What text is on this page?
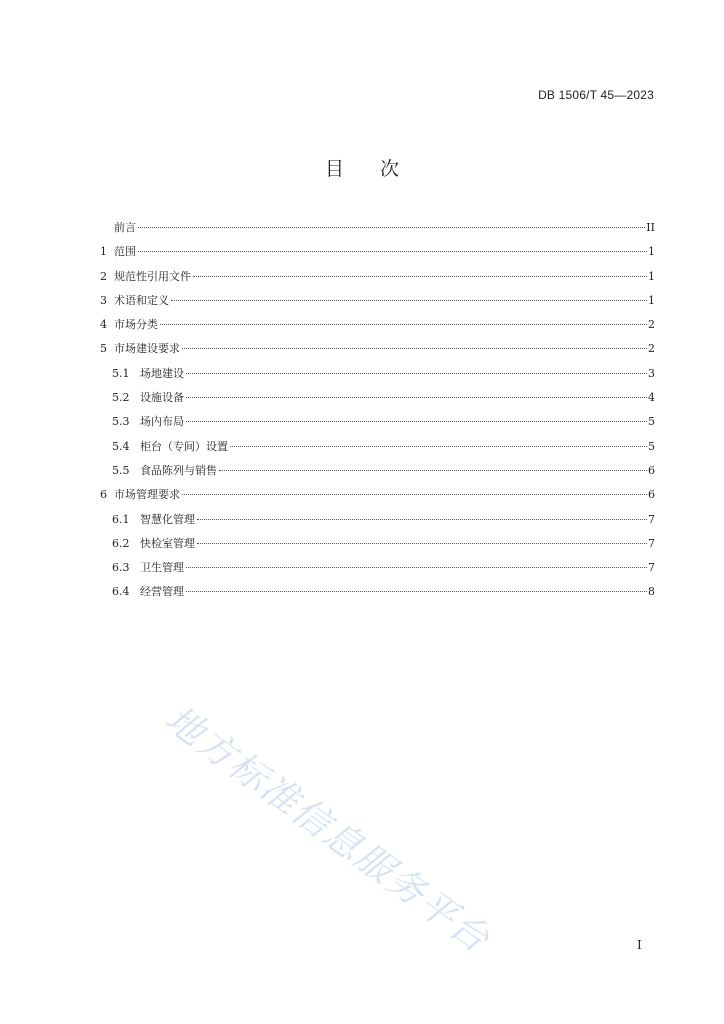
DB 1506/T 45—2023
目 次
前言	II
1 范围	1
2 规范性引用文件	1
3 术语和定义	1
4 市场分类	2
5 市场建设要求	2
5.1 场地建设	3
5.2 设施设备	4
5.3 场内布局	5
5.4 柜台（专间）设置	5
5.5 食品陈列与销售	6
6 市场管理要求	6
6.1 智慧化管理	7
6.2 快检室管理	7
6.3 卫生管理	7
6.4 经营管理	8
地方标准信息服务平台	I
